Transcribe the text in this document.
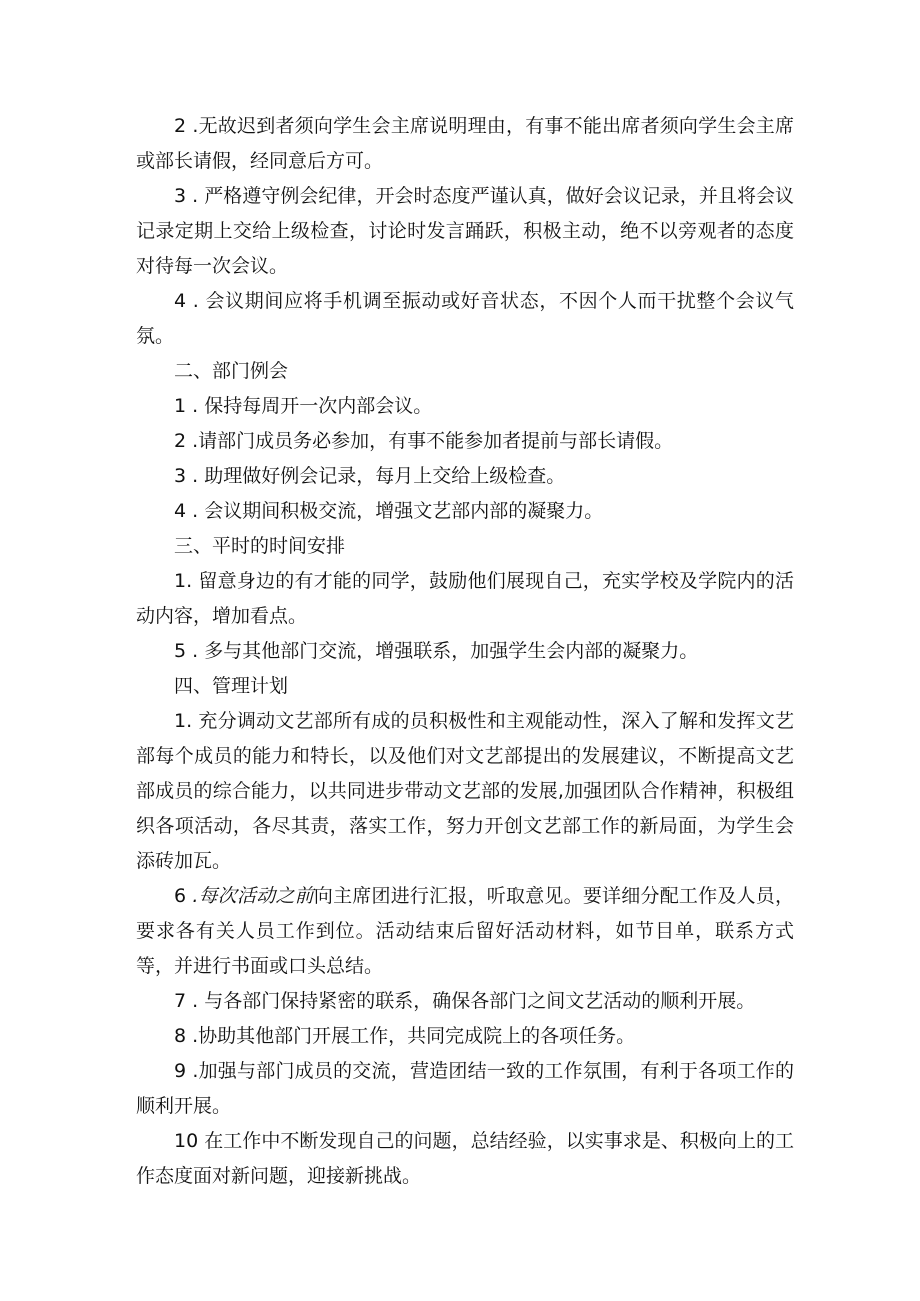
2 .无故迟到者须向学生会主席说明理由，有事不能出席者须向学生会主席或部长请假，经同意后方可。

3 . 严格遵守例会纪律，开会时态度严谨认真，做好会议记录，并且将会议记录定期上交给上级检查，讨论时发言踊跃，积极主动，绝不以旁观者的态度对待每一次会议。

4 . 会议期间应将手机调至振动或好音状态，不因个人而干扰整个会议气氛。

二、部门例会

1 . 保持每周开一次内部会议。

2 .请部门成员务必参加，有事不能参加者提前与部长请假。

3 . 助理做好例会记录，每月上交给上级检查。

4 . 会议期间积极交流，增强文艺部内部的凝聚力。

三、平时的时间安排

1. 留意身边的有才能的同学，鼓励他们展现自己，充实学校及学院内的活动内容，增加看点。

5 . 多与其他部门交流，增强联系，加强学生会内部的凝聚力。

四、管理计划

1. 充分调动文艺部所有成的员积极性和主观能动性，深入了解和发挥文艺部每个成员的能力和特长，以及他们对文艺部提出的发展建议，不断提高文艺部成员的综合能力，以共同进步带动文艺部的发展,加强团队合作精神，积极组织各项活动，各尽其责，落实工作，努力开创文艺部工作的新局面，为学生会添砖加瓦。

6 .每次活动之前向主席团进行汇报，听取意见。要详细分配工作及人员，要求各有关人员工作到位。活动结束后留好活动材料，如节目单，联系方式等，并进行书面或口头总结。

7 . 与各部门保持紧密的联系，确保各部门之间文艺活动的顺利开展。

8 .协助其他部门开展工作，共同完成院上的各项任务。

9 .加强与部门成员的交流，营造团结一致的工作氛围，有利于各项工作的顺利开展。

10 在工作中不断发现自己的问题，总结经验，以实事求是、积极向上的工作态度面对新问题，迎接新挑战。
